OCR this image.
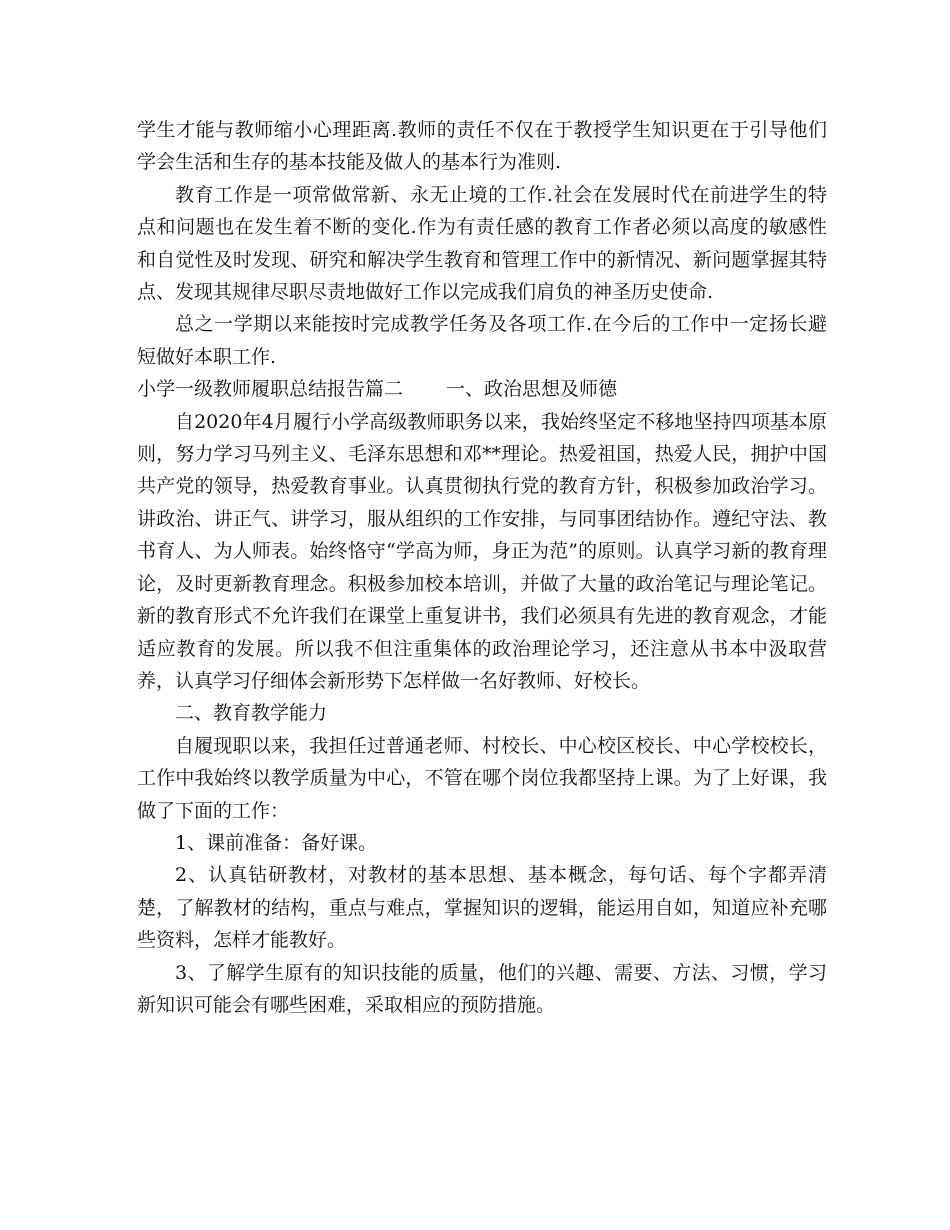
学生才能与教师缩小心理距离.教师的责任不仅在于教授学生知识更在于引导他们学会生活和生存的基本技能及做人的基本行为准则.

教育工作是一项常做常新、永无止境的工作.社会在发展时代在前进学生的特点和问题也在发生着不断的变化.作为有责任感的教育工作者必须以高度的敏感性和自觉性及时发现、研究和解决学生教育和管理工作中的新情况、新问题掌握其特点、发现其规律尽职尽责地做好工作以完成我们肩负的神圣历史使命.

总之一学期以来能按时完成教学任务及各项工作.在今后的工作中一定扬长避短做好本职工作.

小学一级教师履职总结报告篇二 一、政治思想及师德

自2020年4月履行小学高级教师职务以来，我始终坚定不移地坚持四项基本原则，努力学习马列主义、毛泽东思想和邓**理论。热爱祖国，热爱人民，拥护中国共产党的领导，热爱教育事业。认真贯彻执行党的教育方针，积极参加政治学习。讲政治、讲正气、讲学习，服从组织的工作安排，与同事团结协作。遵纪守法、教书育人、为人师表。始终恪守“学高为师，身正为范”的原则。认真学习新的教育理论，及时更新教育理念。积极参加校本培训，并做了大量的政治笔记与理论笔记。新的教育形式不允许我们在课堂上重复讲书，我们必须具有先进的教育观念，才能适应教育的发展。所以我不但注重集体的政治理论学习，还注意从书本中汲取营养，认真学习仔细体会新形势下怎样做一名好教师、好校长。

二、教育教学能力

自履现职以来，我担任过普通老师、村校长、中心校区校长、中心学校校长，工作中我始终以教学质量为中心，不管在哪个岗位我都坚持上课。为了上好课，我做了下面的工作：

1、课前准备：备好课。

2、认真钻研教材，对教材的基本思想、基本概念，每句话、每个字都弄清楚，了解教材的结构，重点与难点，掌握知识的逻辑，能运用自如，知道应补充哪些资料，怎样才能教好。

3、了解学生原有的知识技能的质量，他们的兴趣、需要、方法、习惯，学习新知识可能会有哪些困难，采取相应的预防措施。
